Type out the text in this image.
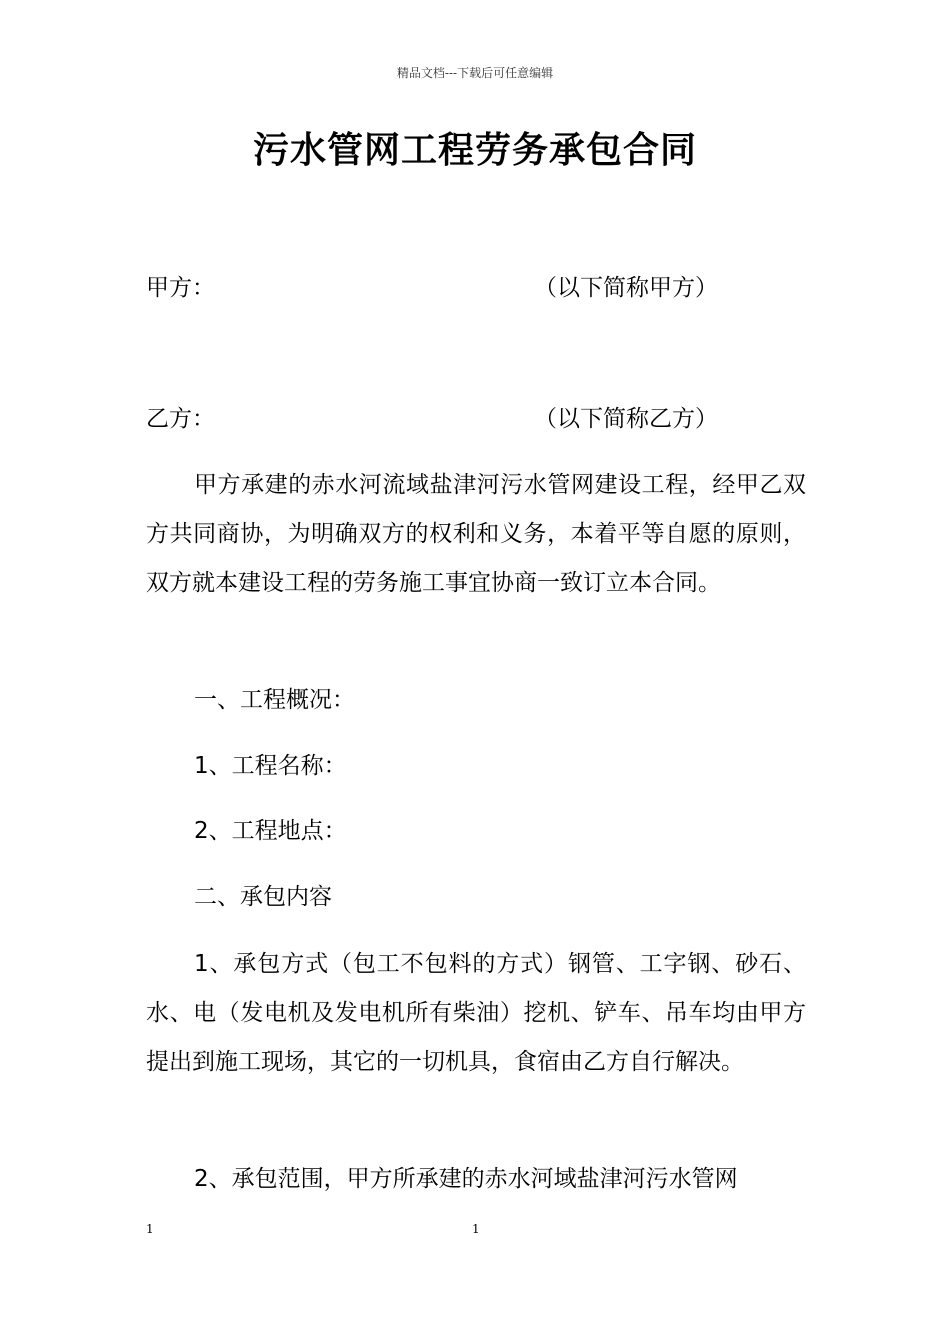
精品文档---下载后可任意编辑
污水管网工程劳务承包合同
甲方：	（以下简称甲方）
乙方：	（以下简称乙方）
甲方承建的赤水河流域盐津河污水管网建设工程，经甲乙双方共同商协，为明确双方的权利和义务，本着平等自愿的原则，双方就本建设工程的劳务施工事宜协商一致订立本合同。
一、工程概况：
1、工程名称：
2、工程地点：
二、承包内容
1、承包方式（包工不包料的方式）钢管、工字钢、砂石、水、电（发电机及发电机所有柴油）挖机、铲车、吊车均由甲方提出到施工现场，其它的一切机具，食宿由乙方自行解决。
2、承包范围，甲方所承建的赤水河域盐津河污水管网
1	1
